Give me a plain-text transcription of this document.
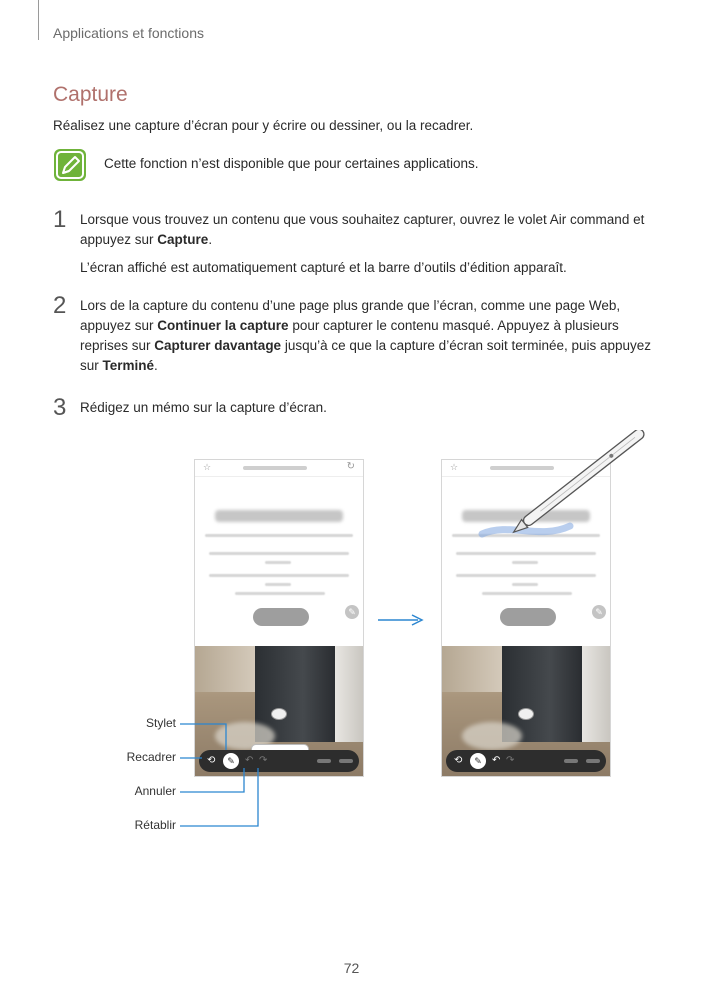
Applications et fonctions
Capture
Réalisez une capture d’écran pour y écrire ou dessiner, ou la recadrer.
Cette fonction n’est disponible que pour certaines applications.
1 Lorsque vous trouvez un contenu que vous souhaitez capturer, ouvrez le volet Air command et appuyez sur Capture.

L’écran affiché est automatiquement capturé et la barre d’outils d’édition apparaît.

2 Lors de la capture du contenu d’une page plus grande que l’écran, comme une page Web, appuyez sur Continuer la capture pour capturer le contenu masqué. Appuyez à plusieurs reprises sur Capturer davantage jusqu’à ce que la capture d’écran soit terminée, puis appuyez sur Terminé.

3 Rédigez un mémo sur la capture d’écran.

☆	↻
✎
⟲	✎	↶ ↷
☆
✎
⟲	✎	↶ ↷
Stylet
Recadrer
Annuler
Rétablir
72
